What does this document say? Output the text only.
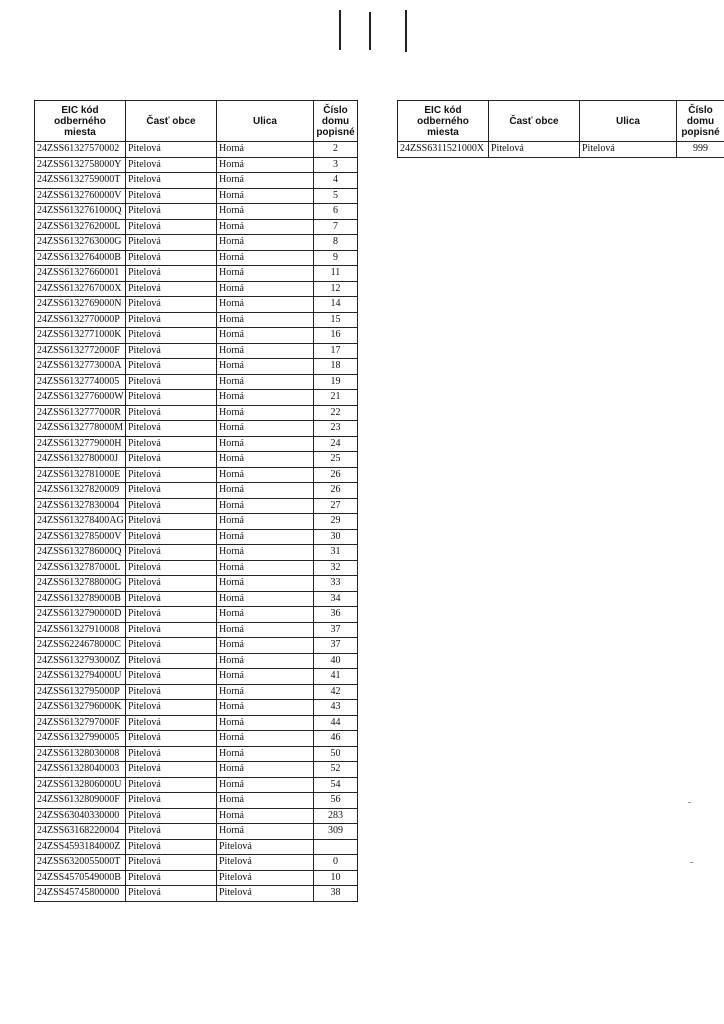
EIC kód odberného miesta	Časť obce	Ulica	Číslo domu popisné
24ZSS61327570002	Pitelová	Horná	2
24ZSS6132758000Y	Pitelová	Horná	3
24ZSS6132759000T	Pitelová	Horná	4
24ZSS6132760000V	Pitelová	Horná	5
24ZSS6132761000Q	Pitelová	Horná	6
24ZSS6132762000L	Pitelová	Horná	7
24ZSS6132763000G	Pitelová	Horná	8
24ZSS6132764000B	Pitelová	Horná	9
24ZSS61327660001	Pitelová	Horná	11
24ZSS6132767000X	Pitelová	Horná	12
24ZSS6132769000N	Pitelová	Horná	14
24ZSS6132770000P	Pitelová	Horná	15
24ZSS6132771000K	Pitelová	Horná	16
24ZSS6132772000F	Pitelová	Horná	17
24ZSS6132773000A	Pitelová	Horná	18
24ZSS61327740005	Pitelová	Horná	19
24ZSS6132776000W	Pitelová	Horná	21
24ZSS6132777000R	Pitelová	Horná	22
24ZSS6132778000M	Pitelová	Horná	23
24ZSS6132779000H	Pitelová	Horná	24
24ZSS6132780000J	Pitelová	Horná	25
24ZSS6132781000E	Pitelová	Horná	26
24ZSS61327820009	Pitelová	Horná	26
24ZSS61327830004	Pitelová	Horná	27
24ZSS613278400AG	Pitelová	Horná	29
24ZSS6132785000V	Pitelová	Horná	30
24ZSS6132786000Q	Pitelová	Horná	31
24ZSS6132787000L	Pitelová	Horná	32
24ZSS6132788000G	Pitelová	Horná	33
24ZSS6132789000B	Pitelová	Horná	34
24ZSS6132790000D	Pitelová	Horná	36
24ZSS61327910008	Pitelová	Horná	37
24ZSS6224678000C	Pitelová	Horná	37
24ZSS6132793000Z	Pitelová	Horná	40
24ZSS6132794000U	Pitelová	Horná	41
24ZSS6132795000P	Pitelová	Horná	42
24ZSS6132796000K	Pitelová	Horná	43
24ZSS6132797000F	Pitelová	Horná	44
24ZSS61327990005	Pitelová	Horná	46
24ZSS61328030008	Pitelová	Horná	50
24ZSS61328040003	Pitelová	Horná	52
24ZSS6132806000U	Pitelová	Horná	54
24ZSS6132809000F	Pitelová	Horná	56
24ZSS63040330000	Pitelová	Horná	283
24ZSS63168220004	Pitelová	Horná	309
24ZSS4593184000Z	Pitelová	Pitelová	
24ZSS6320055000T	Pitelová	Pitelová	0
24ZSS4570549000B	Pitelová	Pitelová	10
24ZSS45745800000	Pitelová	Pitelová	38
EIC kód odberného miesta	Časť obce	Ulica	Číslo domu popisné
24ZSS6311521000X	Pitelová	Pitelová	999
